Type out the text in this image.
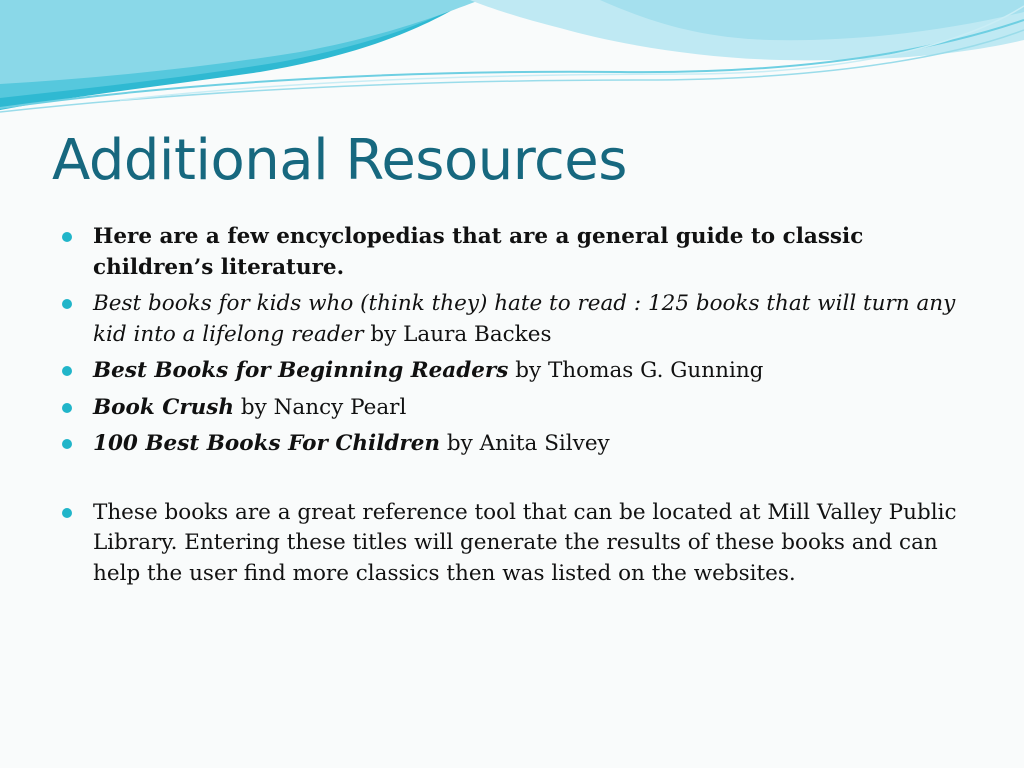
Additional Resources
Here are a few encyclopedias that are a general guide to classic children’s literature.
Best books for kids who (think they) hate to read : 125 books that will turn any kid into a lifelong reader by Laura Backes
Best Books for Beginning Readers by Thomas G. Gunning
Book Crush by Nancy Pearl
100 Best Books For Children by Anita Silvey
These books are a great reference tool that can be located at Mill Valley Public Library. Entering these titles will generate the results of these books and can help the user find more classics then was listed on the websites.
